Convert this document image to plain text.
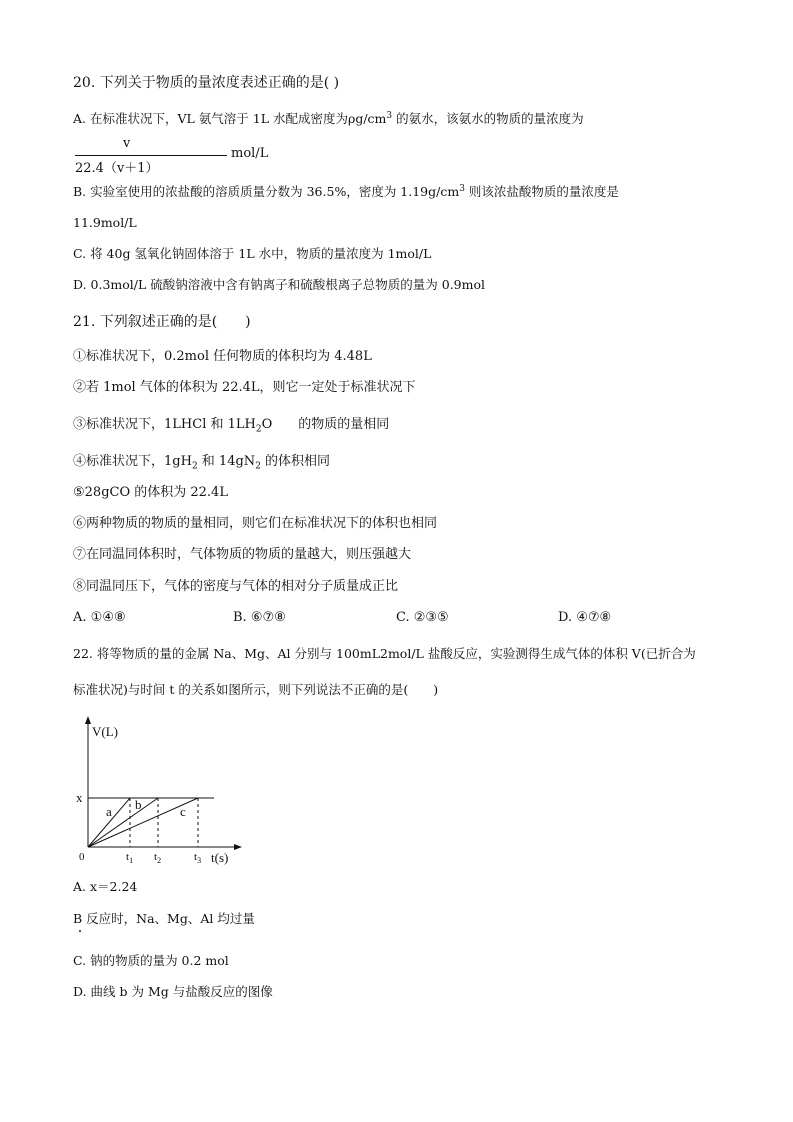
20. 下列关于物质的量浓度表述正确的是( )
A. 在标准状况下，VL 氨气溶于 1L 水配成密度为$\rho g/cm^3$ 的氨水，该氨水的物质的量浓度为
v
22.4（v＋1）
mol/L
B. 实验室使用的浓盐酸的溶质质量分数为 36.5%，密度为 $1.19g/cm^3$ 则该浓盐酸物质的量浓度是
11.9mol/L
C. 将 40g 氢氧化钠固体溶于 1L 水中，物质的量浓度为 1mol/L
D. 0.3mol/L 硫酸钠溶液中含有钠离子和硫酸根离子总物质的量为 0.9mol
21. 下列叙述正确的是(　　)
①标准状况下，0.2mol 任何物质的体积均为 4.48L
②若 1mol 气体的体积为 22.4L，则它一定处于标准状况下
③标准状况下，1LHCl 和 $1LH_2O$　　的物质的量相同
④标准状况下，$1gH_2$ 和 $14gN_2$ 的体积相同
⑤28gCO 的体积为 22.4L
⑥两种物质的物质的量相同，则它们在标准状况下的体积也相同
⑦在同温同体积时，气体物质的物质的量越大，则压强越大
⑧同温同压下，气体的密度与气体的相对分子质量成正比
A. ①④⑧	B. ⑥⑦⑧	C. ②③⑤	D. ④⑦⑧
22. 将等物质的量的金属 Na、Mg、Al 分别与 100mL2mol/L 盐酸反应，实验测得生成气体的体积 V(已折合为
标准状况)与时间 t 的关系如图所示，则下列说法不正确的是(　　)
V(L)
x
0
a b	c
$t_1$ $t_2$	$t_3$ t(s)
A. x＝2.24
B 反应时，Na、Mg、Al 均过量
C. 钠的物质的量为 0.2 mol
D. 曲线 b 为 Mg 与盐酸反应的图像
